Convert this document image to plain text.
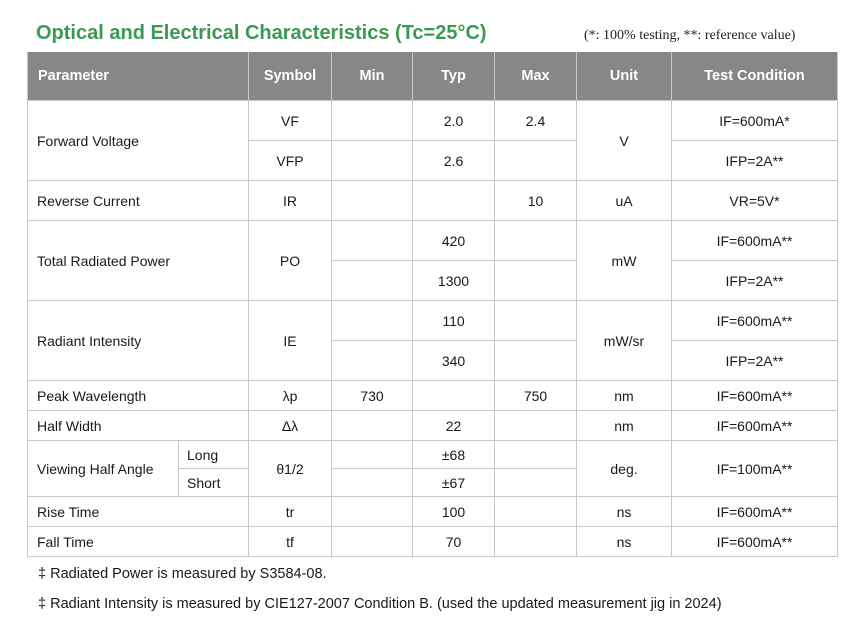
Optical and Electrical Characteristics (Tc=25°C)	(*: 100% testing, **: reference value)
Parameter		Symbol	Min	Typ	Max	Unit	Test Condition
Forward Voltage		VF		2.0	2.4	V	IF=600mA*
		VFP		2.6			IFP=2A**
Reverse Current		IR			10	uA	VR=5V*
Total Radiated Power		PO		420		mW	IF=600mA**
				1300			IFP=2A**
Radiant Intensity		IE		110		mW/sr	IF=600mA**
				340			IFP=2A**
Peak Wavelength		λp	730		750	nm	IF=600mA**
Half Width		Δλ		22		nm	IF=600mA**
Viewing Half Angle	Long	θ1/2		±68		deg.	IF=100mA**
	Short			±67			
Rise Time		tr		100		ns	IF=600mA**
Fall Time		tf		70		ns	IF=600mA**
‡ Radiated Power is measured by S3584-08.
‡ Radiant Intensity is measured by CIE127-2007 Condition B. (used the updated measurement jig in 2024)
